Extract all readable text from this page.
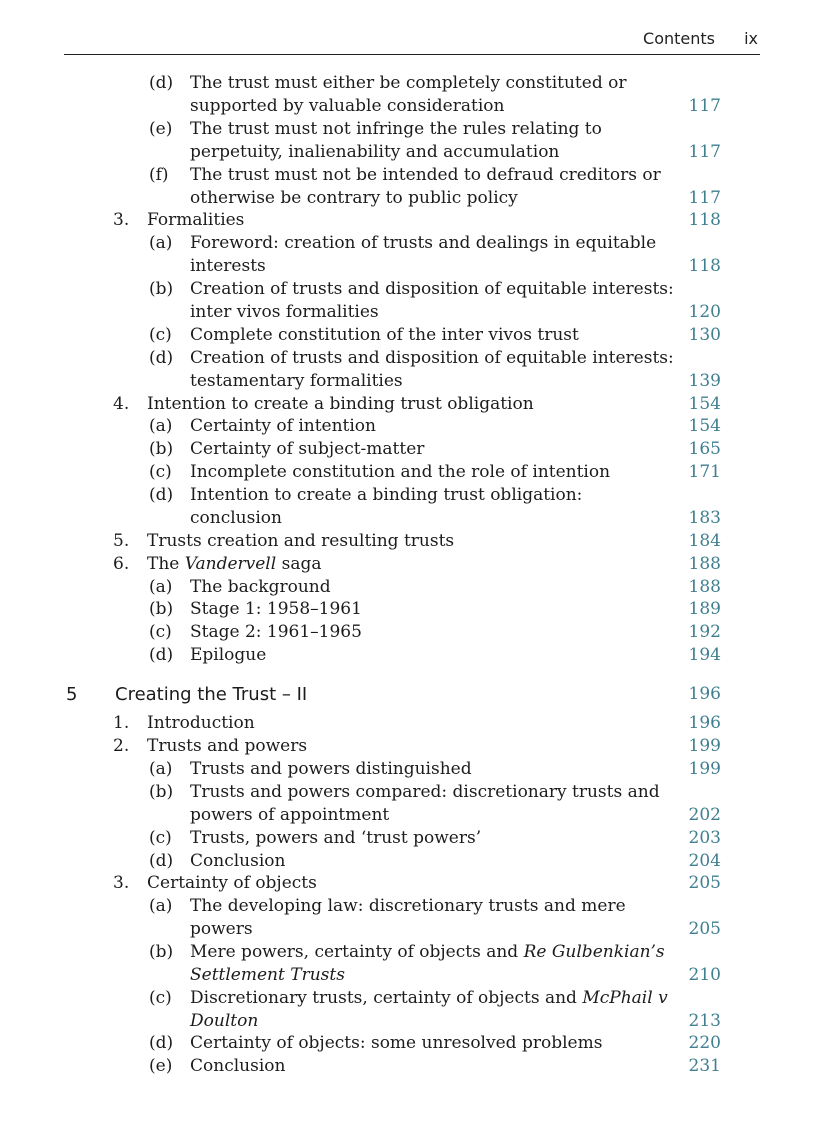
Contents ix
(d) The trust must either be completely constituted or
supported by valuable consideration	117
(e) The trust must not infringe the rules relating to
perpetuity, inalienability and accumulation	117
(f) The trust must not be intended to defraud creditors or
otherwise be contrary to public policy	117
3. Formalities	118
(a) Foreword: creation of trusts and dealings in equitable
interests	118
(b) Creation of trusts and disposition of equitable interests:
inter vivos formalities	120
(c) Complete constitution of the inter vivos trust	130
(d) Creation of trusts and disposition of equitable interests:
testamentary formalities	139
4. Intention to create a binding trust obligation	154
(a) Certainty of intention	154
(b) Certainty of subject-matter	165
(c) Incomplete constitution and the role of intention	171
(d) Intention to create a binding trust obligation:
conclusion	183
5. Trusts creation and resulting trusts	184
6. The Vandervell saga	188
(a) The background	188
(b) Stage 1: 1958–1961	189
(c) Stage 2: 1961–1965	192
(d) Epilogue	194
5 Creating the Trust – II	196
1. Introduction	196
2. Trusts and powers	199
(a) Trusts and powers distinguished	199
(b) Trusts and powers compared: discretionary trusts and
powers of appointment	202
(c) Trusts, powers and ‘trust powers’	203
(d) Conclusion	204
3. Certainty of objects	205
(a) The developing law: discretionary trusts and mere
powers	205
(b) Mere powers, certainty of objects and Re Gulbenkian’s
Settlement Trusts	210
(c) Discretionary trusts, certainty of objects and McPhail v
Doulton	213
(d) Certainty of objects: some unresolved problems	220
(e) Conclusion	231
